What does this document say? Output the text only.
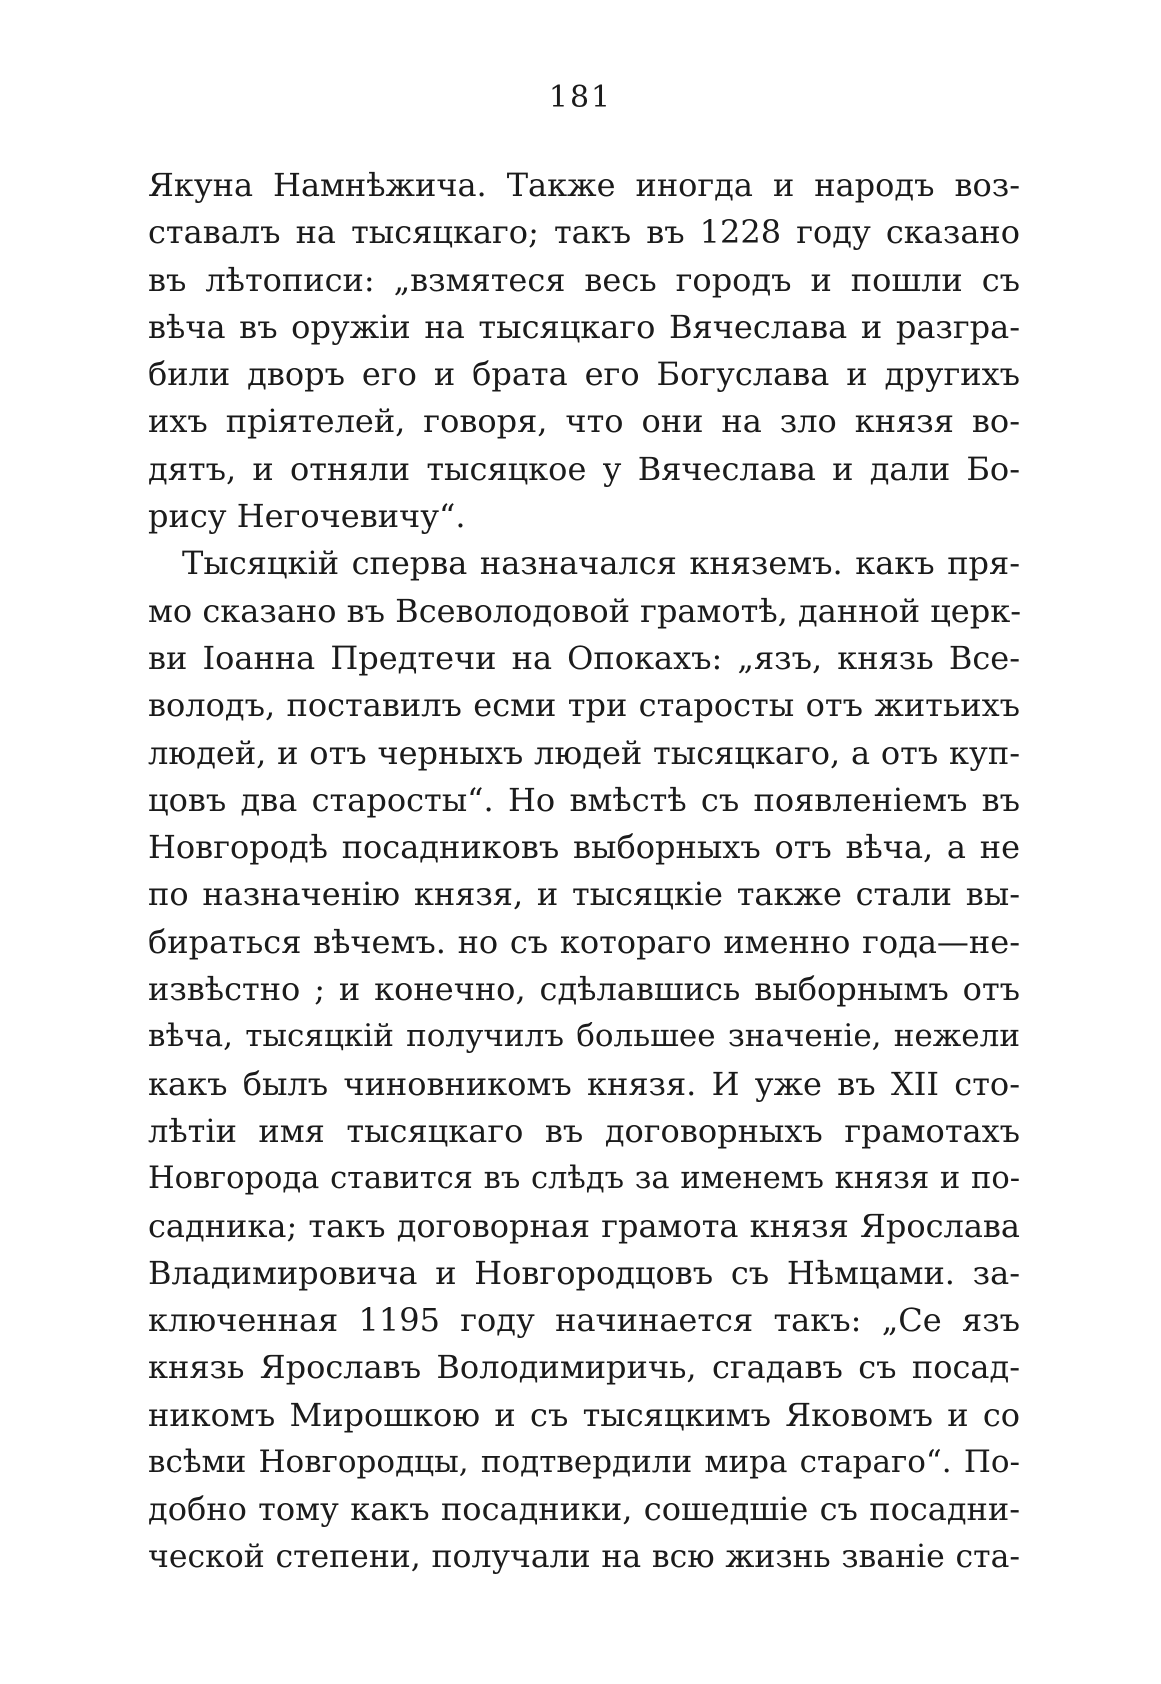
181
Якуна Намнѣжича. Также иногда и народъ воз-
ставалъ на тысяцкаго; такъ въ 1228 году сказано
въ лѣтописи: „взмятеся весь городъ и пошли съ
вѣча въ оружіи на тысяцкаго Вячеслава и разгра-
били дворъ его и брата его Богуслава и другихъ
ихъ пріятелей, говоря, что они на зло князя во-
дятъ, и отняли тысяцкое у Вячеслава и дали Бо-
рису Негочевичу“.
Тысяцкій сперва назначался княземъ. какъ пря-
мо сказано въ Всеволодовой грамотѣ, данной церк-
ви Іоанна Предтечи на Опокахъ: „язъ, князь Все-
володъ, поставилъ есми три старосты отъ житьихъ
людей, и отъ черныхъ людей тысяцкаго, а отъ куп-
цовъ два старосты“. Но вмѣстѣ съ появленіемъ въ
Новгородѣ посадниковъ выборныхъ отъ вѣча, а не
по назначенію князя, и тысяцкіе также стали вы-
бираться вѣчемъ. но съ котораго именно года—не-
извѣстно ; и конечно, сдѣлавшись выборнымъ отъ
вѣча, тысяцкій получилъ большее значеніе, нежели
какъ былъ чиновникомъ князя. И уже въ XII сто-
лѣтіи имя тысяцкаго въ договорныхъ грамотахъ
Новгорода ставится въ слѣдъ за именемъ князя и по-
садника; такъ договорная грамота князя Ярослава
Владимировича и Новгородцовъ съ Нѣмцами. за-
ключенная 1195 году начинается такъ: „Се язъ
князь Ярославъ Володимиричь, сгадавъ съ посад-
никомъ Мирошкою и съ тысяцкимъ Яковомъ и со
всѣми Новгородцы, подтвердили мира стараго“. По-
добно тому какъ посадники, сошедшіе съ посадни-
ческой степени, получали на всю жизнь званіе ста-
